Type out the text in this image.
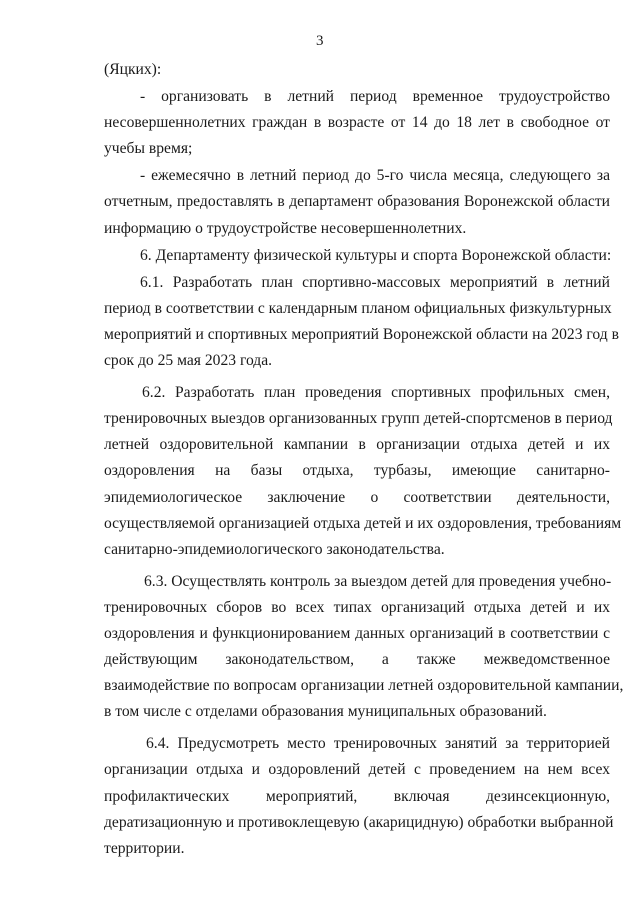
3

(Яцких):

- организовать в летний период временное трудоустройство
несовершеннолетних граждан в возрасте от 14 до 18 лет в свободное от
учебы время;

- ежемесячно в летний период до 5-го числа месяца, следующего за
отчетным, предоставлять в департамент образования Воронежской области
информацию о трудоустройстве несовершеннолетних.

6. Департаменту физической культуры и спорта Воронежской области:

6.1. Разработать план спортивно-массовых мероприятий в летний
период в соответствии с календарным планом официальных физкультурных
мероприятий и спортивных мероприятий Воронежской области на 2023 год в
срок до 25 мая 2023 года.

6.2. Разработать план проведения спортивных профильных смен,
тренировочных выездов организованных групп детей-спортсменов в период
летней оздоровительной кампании в организации отдыха детей и их
оздоровления на базы отдыха, турбазы, имеющие санитарно-
эпидемиологическое заключение о соответствии деятельности,
осуществляемой организацией отдыха детей и их оздоровления, требованиям
санитарно-эпидемиологического законодательства.

6.3. Осуществлять контроль за выездом детей для проведения учебно-
тренировочных сборов во всех типах организаций отдыха детей и их
оздоровления и функционированием данных организаций в соответствии с
действующим законодательством, а также межведомственное
взаимодействие по вопросам организации летней оздоровительной кампании,
в том числе с отделами образования муниципальных образований.

6.4. Предусмотреть место тренировочных занятий за территорией
организации отдыха и оздоровлений детей с проведением на нем всех
профилактических мероприятий, включая дезинсекционную,
дератизационную и противоклещевую (акарицидную) обработки выбранной
территории.
